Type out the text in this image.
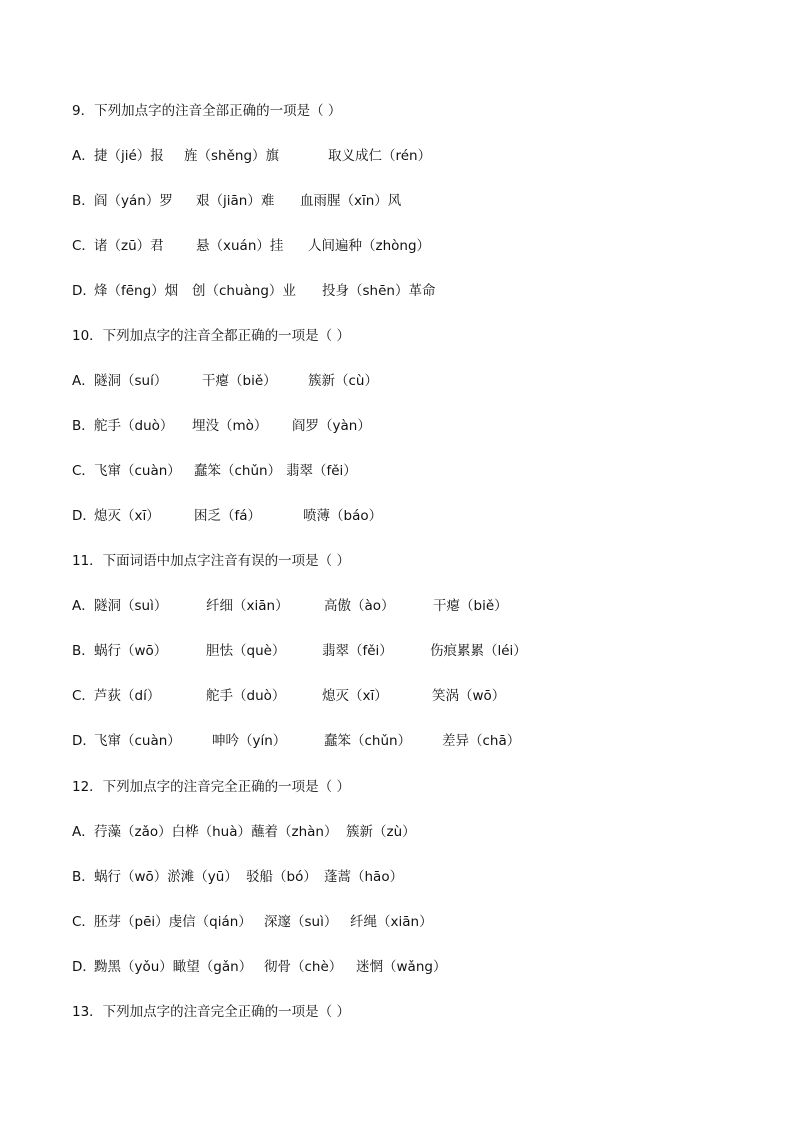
9．下列加点字的注音全部正确的一项是（ ）
A． 捷（jié）报 旌（shěng）旗	取义成仁（rén）
B． 阎（yán）罗 艰（jiān）难 血雨腥（xīn）风
C． 诸（zū）君 悬（xuán）挂 人间遍种（zhòng）
D．
烽（fēng）烟 创（chuàng）业 投身（shēn）革命
10．下列加点字的注音全都正确的一项是（ ）
A． 隧洞（suí）	干瘪（biě） 簇新（cù）
B． 舵手（duò） 埋没（mò） 阎罗（yàn）
C． 飞窜（cuàn） 蠢笨（chǔn） 翡翠（fěi）
D．
熄灭（xī）	困乏（fá）	喷薄（báo）
11．下面词语中加点字注音有误的一项是（ ）
A． 隧洞（suì）	纤细（xiān）	高傲（ào）	干瘪（biě）
B． 蜗行（wō）	胆怯（què）	翡翠（fěi）	伤痕累累（léi）
C． 芦荻（dí）	舵手（duò）	熄灭（xī）	笑涡（wō）
D．
飞窜（cuàn） 呻吟（yín）	蠢笨（chǔn） 差异（chā）
12．下列加点字的注音完全正确的一项是（ ）
A． 荇藻（zǎo）白桦（huà）蘸着（zhàn） 簇新（zù）
B． 蜗行（wō）淤滩（yū） 驳船（bó） 蓬蒿（hāo）
C． 胚芽（pēi）虔信（qián） 深邃（suì） 纤绳（xiān）
D．
黝黑（yǒu）瞰望（gǎn） 彻骨（chè） 迷惘（wǎng）
13．下列加点字的注音完全正确的一项是（ ）
